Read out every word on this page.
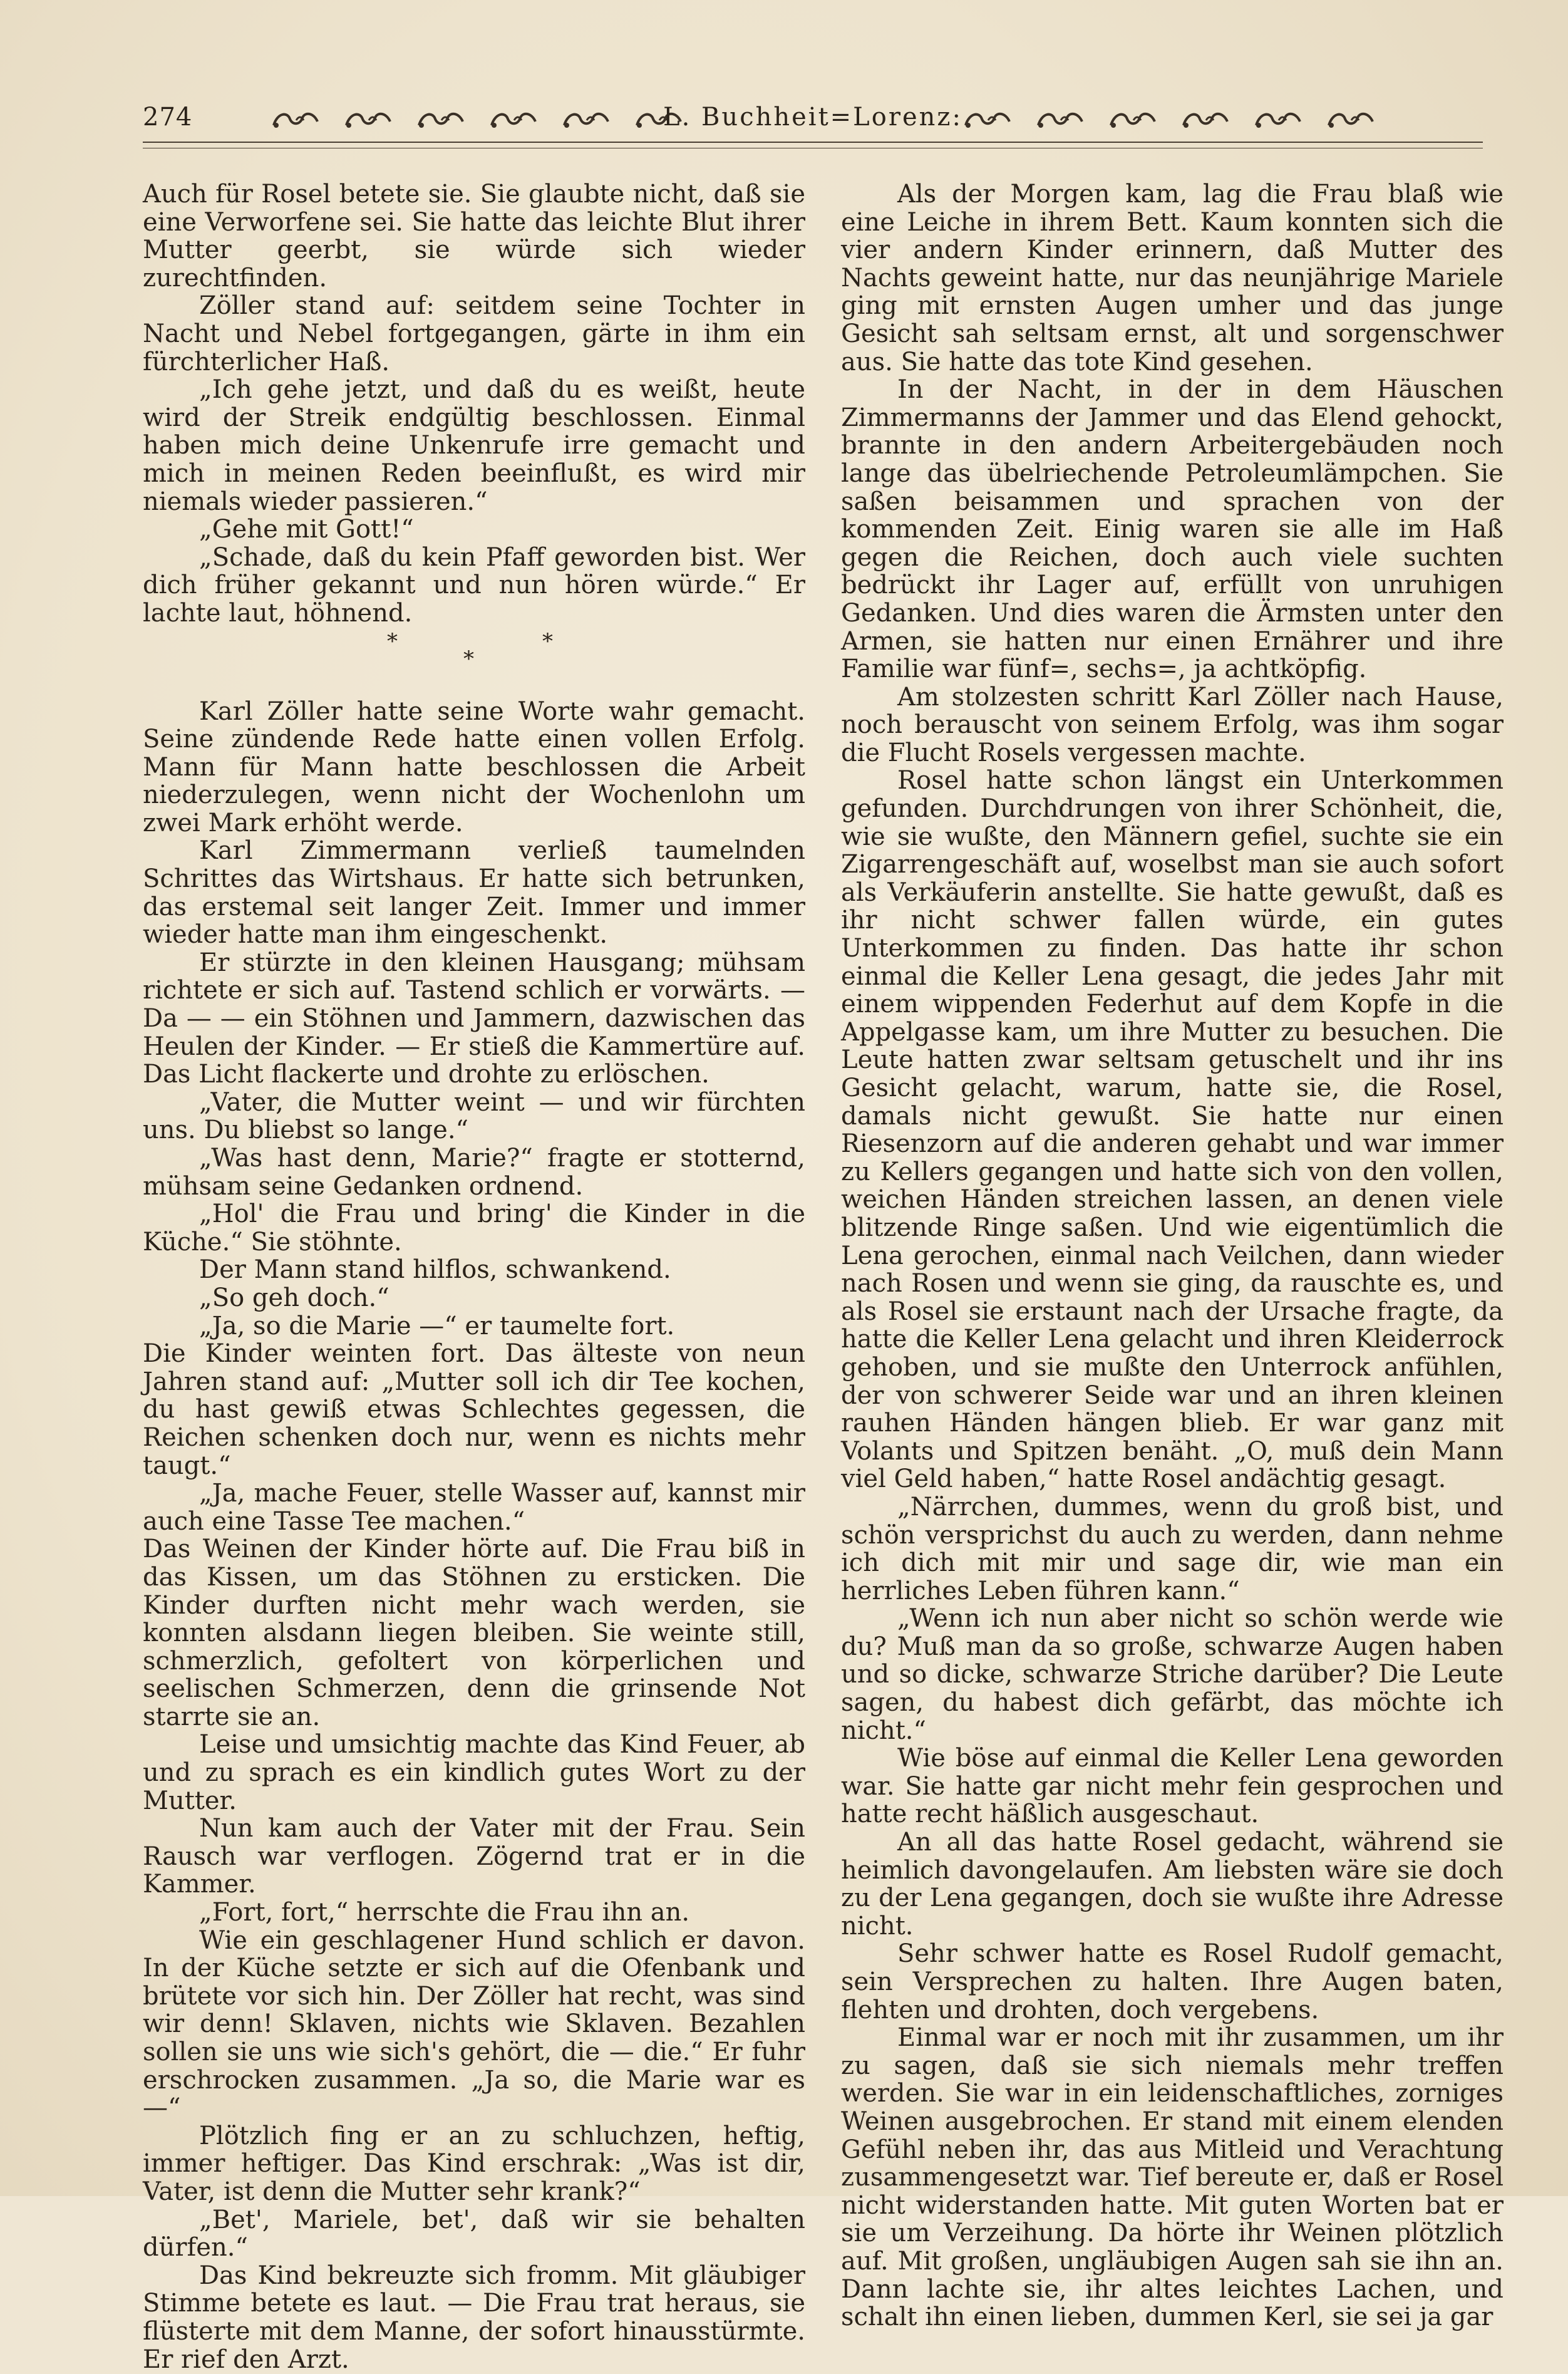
274	L. Buchheit=Lorenz:

Auch für Rosel betete sie. Sie glaubte nicht, daß sie eine Verworfene sei. Sie hatte das leichte Blut ihrer Mutter geerbt, sie würde sich wieder zurechtfinden.

Zöller stand auf: seitdem seine Tochter in Nacht und Nebel fortgegangen, gärte in ihm ein fürchterlicher Haß.

„Ich gehe jetzt, und daß du es weißt, heute wird der Streik endgültig beschlossen. Einmal haben mich deine Unkenrufe irre gemacht und mich in meinen Reden beeinflußt, es wird mir niemals wieder passieren.“

„Gehe mit Gott!“

„Schade, daß du kein Pfaff geworden bist. Wer dich früher gekannt und nun hören würde.“ Er lachte laut, höhnend.

*
*
*

Karl Zöller hatte seine Worte wahr gemacht. Seine zündende Rede hatte einen vollen Erfolg. Mann für Mann hatte beschlossen die Arbeit niederzulegen, wenn nicht der Wochenlohn um zwei Mark erhöht werde.

Karl Zimmermann verließ taumelnden Schrittes das Wirtshaus. Er hatte sich betrunken, das erstemal seit langer Zeit. Immer und immer wieder hatte man ihm eingeschenkt.

Er stürzte in den kleinen Hausgang; mühsam richtete er sich auf. Tastend schlich er vorwärts. — Da — — ein Stöhnen und Jammern, dazwischen das Heulen der Kinder. — Er stieß die Kammertüre auf. Das Licht flackerte und drohte zu erlöschen.

„Vater, die Mutter weint — und wir fürchten uns. Du bliebst so lange.“

„Was hast denn, Marie?“ fragte er stotternd, mühsam seine Gedanken ordnend.

„Hol' die Frau und bring' die Kinder in die Küche.“ Sie stöhnte.

Der Mann stand hilflos, schwankend.

„So geh doch.“

„Ja, so die Marie —“ er taumelte fort.

Die Kinder weinten fort. Das älteste von neun Jahren stand auf: „Mutter soll ich dir Tee kochen, du hast gewiß etwas Schlechtes gegessen, die Reichen schenken doch nur, wenn es nichts mehr taugt.“

„Ja, mache Feuer, stelle Wasser auf, kannst mir auch eine Tasse Tee machen.“

Das Weinen der Kinder hörte auf. Die Frau biß in das Kissen, um das Stöhnen zu ersticken. Die Kinder durften nicht mehr wach werden, sie konnten alsdann liegen bleiben. Sie weinte still, schmerzlich, gefoltert von körperlichen und seelischen Schmerzen, denn die grinsende Not starrte sie an.

Leise und umsichtig machte das Kind Feuer, ab und zu sprach es ein kindlich gutes Wort zu der Mutter.

Nun kam auch der Vater mit der Frau. Sein Rausch war verflogen. Zögernd trat er in die Kammer.

„Fort, fort,“ herrschte die Frau ihn an.

Wie ein geschlagener Hund schlich er davon. In der Küche setzte er sich auf die Ofenbank und brütete vor sich hin. Der Zöller hat recht, was sind wir denn! Sklaven, nichts wie Sklaven. Bezahlen sollen sie uns wie sich's gehört, die — die.“ Er fuhr erschrocken zusammen. „Ja so, die Marie war es —“

Plötzlich fing er an zu schluchzen, heftig, immer heftiger. Das Kind erschrak: „Was ist dir, Vater, ist denn die Mutter sehr krank?“

„Bet', Mariele, bet', daß wir sie behalten dürfen.“

Das Kind bekreuzte sich fromm. Mit gläubiger Stimme betete es laut. — Die Frau trat heraus, sie flüsterte mit dem Manne, der sofort hinausstürmte. Er rief den Arzt.

Als der Morgen kam, lag die Frau blaß wie eine Leiche in ihrem Bett. Kaum konnten sich die vier andern Kinder erinnern, daß Mutter des Nachts geweint hatte, nur das neunjährige Mariele ging mit ernsten Augen umher und das junge Gesicht sah seltsam ernst, alt und sorgenschwer aus. Sie hatte das tote Kind gesehen.

In der Nacht, in der in dem Häuschen Zimmermanns der Jammer und das Elend gehockt, brannte in den andern Arbeitergebäuden noch lange das übelriechende Petroleumlämpchen. Sie saßen beisammen und sprachen von der kommenden Zeit. Einig waren sie alle im Haß gegen die Reichen, doch auch viele suchten bedrückt ihr Lager auf, erfüllt von unruhigen Gedanken. Und dies waren die Ärmsten unter den Armen, sie hatten nur einen Ernährer und ihre Familie war fünf=, sechs=, ja achtköpfig.

Am stolzesten schritt Karl Zöller nach Hause, noch berauscht von seinem Erfolg, was ihm sogar die Flucht Rosels vergessen machte.

Rosel hatte schon längst ein Unterkommen gefunden. Durchdrungen von ihrer Schönheit, die, wie sie wußte, den Männern gefiel, suchte sie ein Zigarrengeschäft auf, woselbst man sie auch sofort als Verkäuferin anstellte. Sie hatte gewußt, daß es ihr nicht schwer fallen würde, ein gutes Unterkommen zu finden. Das hatte ihr schon einmal die Keller Lena gesagt, die jedes Jahr mit einem wippenden Federhut auf dem Kopfe in die Appelgasse kam, um ihre Mutter zu besuchen. Die Leute hatten zwar seltsam getuschelt und ihr ins Gesicht gelacht, warum, hatte sie, die Rosel, damals nicht gewußt. Sie hatte nur einen Riesenzorn auf die anderen gehabt und war immer zu Kellers gegangen und hatte sich von den vollen, weichen Händen streichen lassen, an denen viele blitzende Ringe saßen. Und wie eigentümlich die Lena gerochen, einmal nach Veilchen, dann wieder nach Rosen und wenn sie ging, da rauschte es, und als Rosel sie erstaunt nach der Ursache fragte, da hatte die Keller Lena gelacht und ihren Kleiderrock gehoben, und sie mußte den Unterrock anfühlen, der von schwerer Seide war und an ihren kleinen rauhen Händen hängen blieb. Er war ganz mit Volants und Spitzen benäht. „O, muß dein Mann viel Geld haben,“ hatte Rosel andächtig gesagt.

„Närrchen, dummes, wenn du groß bist, und schön versprichst du auch zu werden, dann nehme ich dich mit mir und sage dir, wie man ein herrliches Leben führen kann.“

„Wenn ich nun aber nicht so schön werde wie du? Muß man da so große, schwarze Augen haben und so dicke, schwarze Striche darüber? Die Leute sagen, du habest dich gefärbt, das möchte ich nicht.“

Wie böse auf einmal die Keller Lena geworden war. Sie hatte gar nicht mehr fein gesprochen und hatte recht häßlich ausgeschaut.

An all das hatte Rosel gedacht, während sie heimlich davongelaufen. Am liebsten wäre sie doch zu der Lena gegangen, doch sie wußte ihre Adresse nicht.

Sehr schwer hatte es Rosel Rudolf gemacht, sein Versprechen zu halten. Ihre Augen baten, flehten und drohten, doch vergebens.

Einmal war er noch mit ihr zusammen, um ihr zu sagen, daß sie sich niemals mehr treffen werden. Sie war in ein leidenschaftliches, zorniges Weinen ausgebrochen. Er stand mit einem elenden Gefühl neben ihr, das aus Mitleid und Verachtung zusammengesetzt war. Tief bereute er, daß er Rosel nicht widerstanden hatte. Mit guten Worten bat er sie um Verzeihung. Da hörte ihr Weinen plötzlich auf. Mit großen, ungläubigen Augen sah sie ihn an. Dann lachte sie, ihr altes leichtes Lachen, und schalt ihn einen lieben, dummen Kerl, sie sei ja gar
